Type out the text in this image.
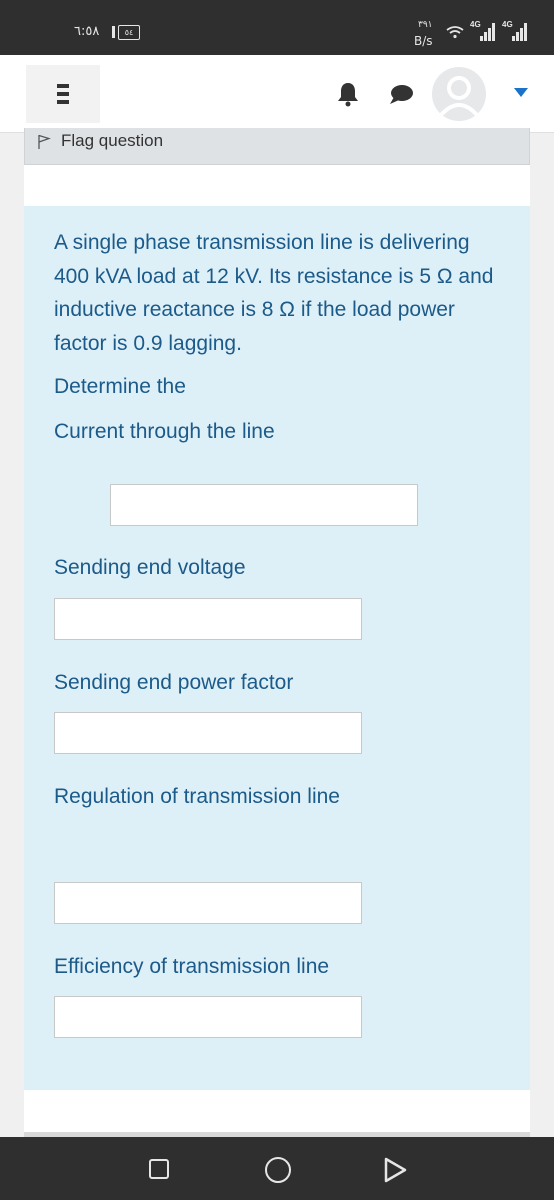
٦:٥٨	٥٤
٣٩١
B/s
4G	4G
Flag question
A single phase transmission line is delivering 400 kVA load at 12 kV. Its resistance is 5 Ω and inductive reactance is 8 Ω if the load power factor is 0.9 lagging.
Determine the
Current through the line
Sending end voltage
Sending end power factor
Regulation of transmission line
Efficiency of transmission line
